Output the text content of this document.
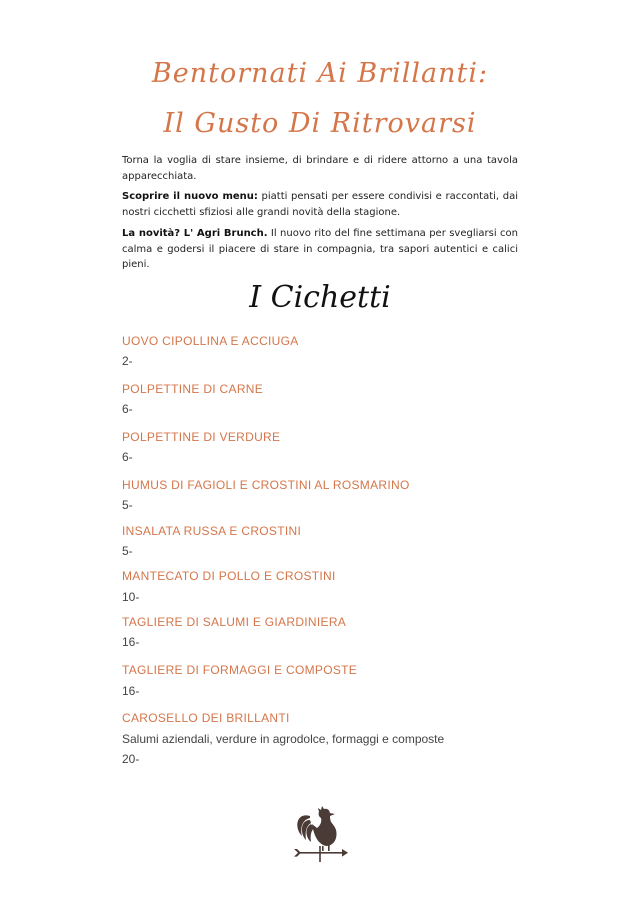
Bentornati Ai Brillanti:
Il Gusto Di Ritrovarsi
Torna la voglia di stare insieme, di brindare e di ridere attorno a una tavola apparecchiata.
Scoprire il nuovo menu: piatti pensati per essere condivisi e raccontati, dai nostri cicchetti sfiziosi alle grandi novità della stagione.
La novità? L' Agri Brunch. Il nuovo rito del fine settimana per svegliarsi con calma e godersi il piacere di stare in compagnia, tra sapori autentici e calici pieni.
I Cichetti
UOVO CIPOLLINA E ACCIUGA
2-
POLPETTINE DI CARNE
6-
POLPETTINE DI VERDURE
6-
HUMUS DI FAGIOLI E CROSTINI AL ROSMARINO
5-
INSALATA RUSSA E CROSTINI
5-
MANTECATO DI POLLO E CROSTINI
10-
TAGLIERE DI SALUMI E GIARDINIERA
16-
TAGLIERE DI FORMAGGI E COMPOSTE
16-
CAROSELLO DEI BRILLANTI
Salumi aziendali, verdure in agrodolce, formaggi e composte
20-
